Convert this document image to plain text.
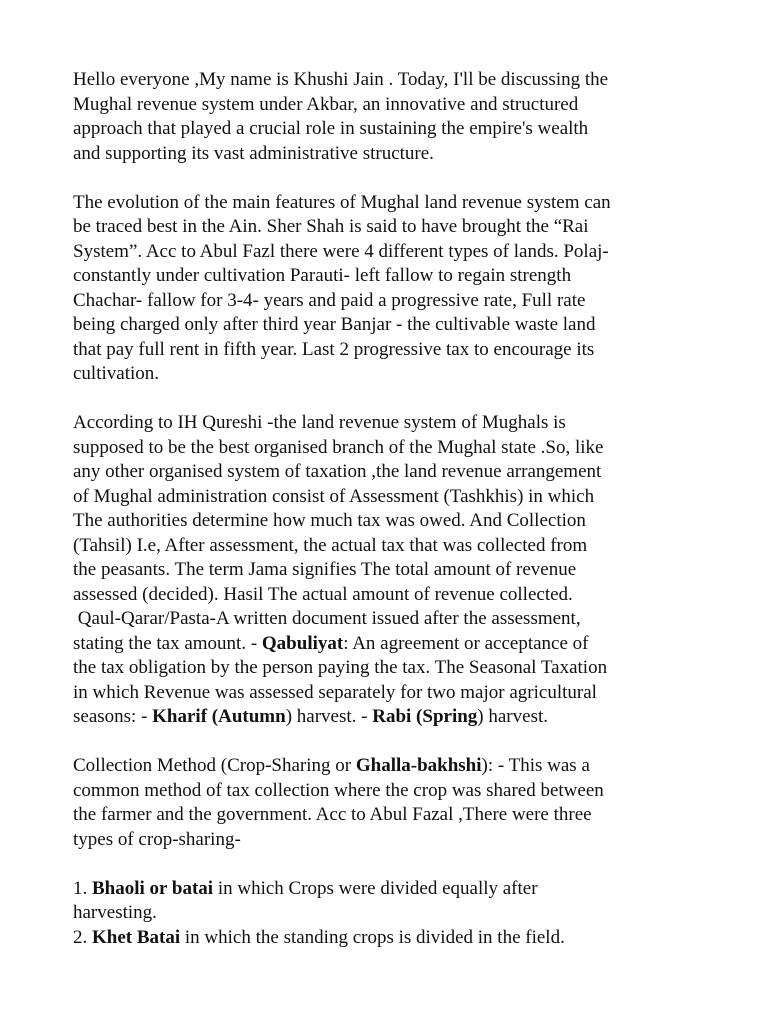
Hello everyone ,My name is Khushi Jain . Today, I'll be discussing the
Mughal revenue system under Akbar, an innovative and structured
approach that played a crucial role in sustaining the empire's wealth
and supporting its vast administrative structure.

The evolution of the main features of Mughal land revenue system can
be traced best in the Ain. Sher Shah is said to have brought the “Rai
System”. Acc to Abul Fazl there were 4 different types of lands. Polaj-
constantly under cultivation Parauti- left fallow to regain strength
Chachar- fallow for 3-4- years and paid a progressive rate, Full rate
being charged only after third year Banjar - the cultivable waste land
that pay full rent in fifth year. Last 2 progressive tax to encourage its
cultivation.

According to IH Qureshi -the land revenue system of Mughals is
supposed to be the best organised branch of the Mughal state .So, like
any other organised system of taxation ,the land revenue arrangement
of Mughal administration consist of Assessment (Tashkhis) in which
The authorities determine how much tax was owed. And Collection
(Tahsil) I.e, After assessment, the actual tax that was collected from
the peasants. The term Jama signifies The total amount of revenue
assessed (decided). Hasil The actual amount of revenue collected.
Qaul-Qarar/Pasta-A written document issued after the assessment,
stating the tax amount. - Qabuliyat: An agreement or acceptance of
the tax obligation by the person paying the tax. The Seasonal Taxation
in which Revenue was assessed separately for two major agricultural
seasons: - Kharif (Autumn) harvest. - Rabi (Spring) harvest.

Collection Method (Crop-Sharing or Ghalla-bakhshi): - This was a
common method of tax collection where the crop was shared between
the farmer and the government. Acc to Abul Fazal ,There were three
types of crop-sharing-

1. Bhaoli or batai in which Crops were divided equally after
harvesting.
2. Khet Batai in which the standing crops is divided in the field.
